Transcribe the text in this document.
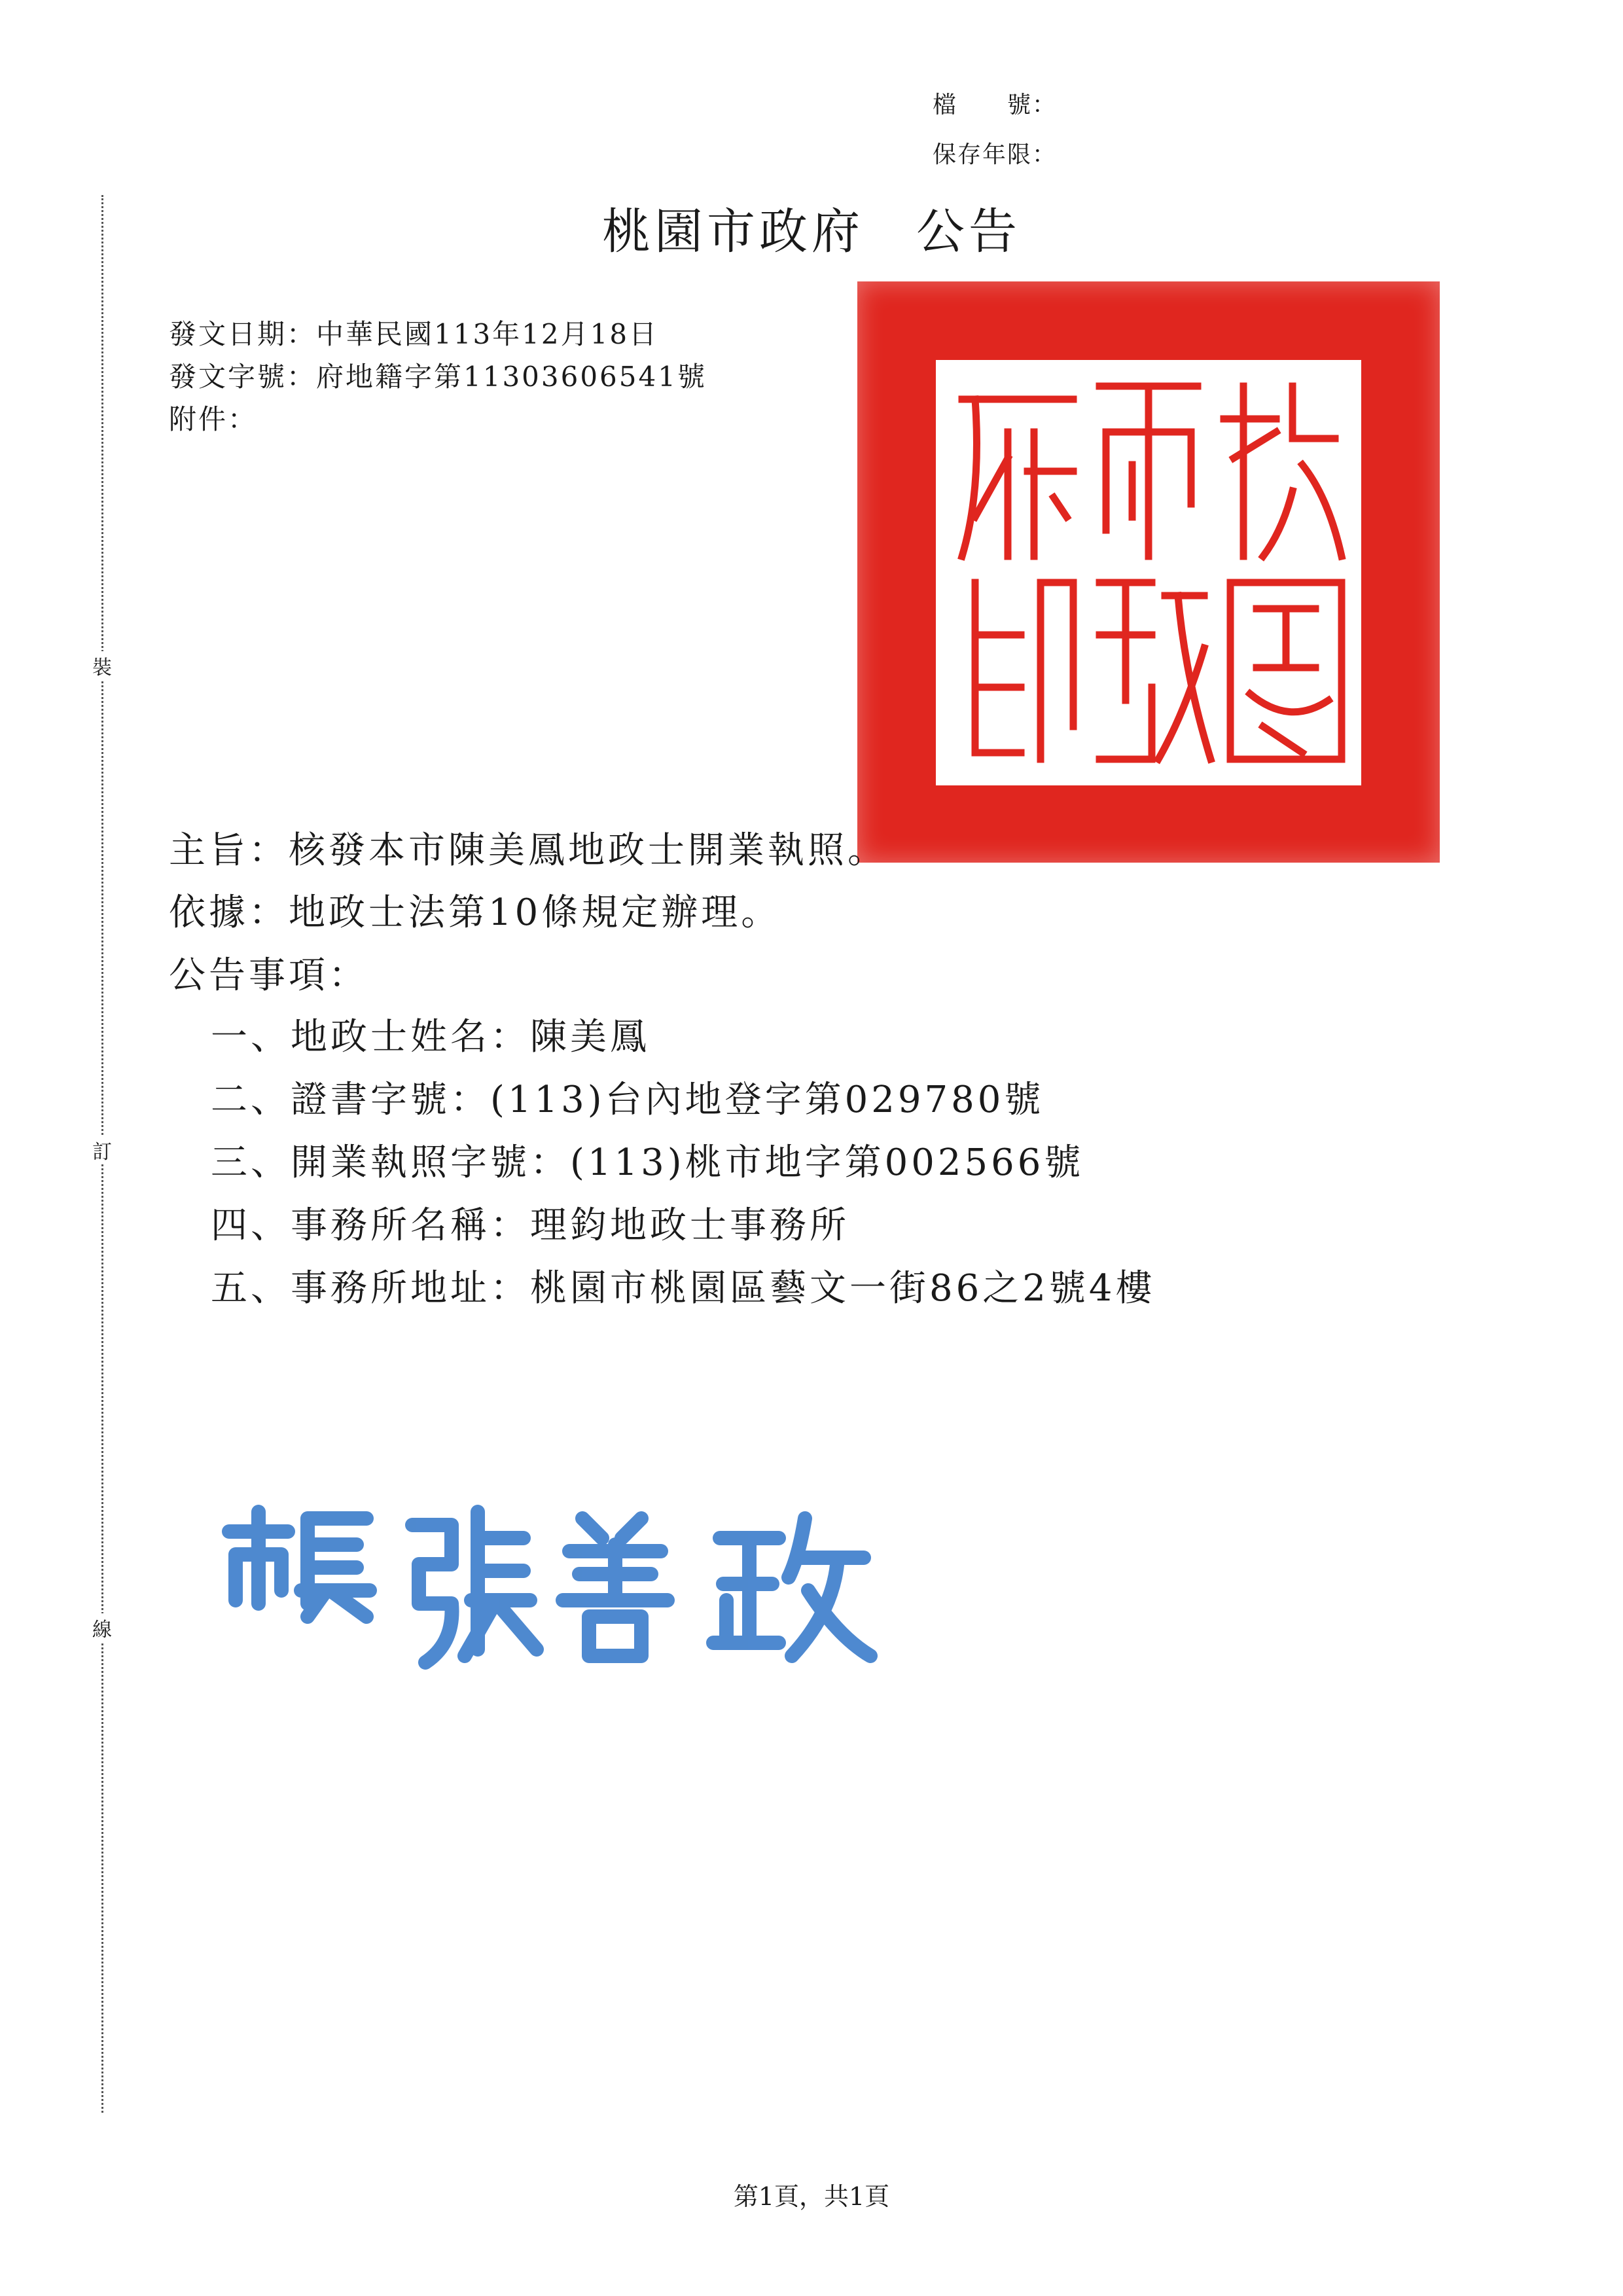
檔　　號：
保存年限：
裝
訂
線
桃園市政府　公告
發文日期：中華民國113年12月18日
發文字號：府地籍字第11303606541號
附件：
主旨：核發本市陳美鳳地政士開業執照。
依據：地政士法第10條規定辦理。
公告事項：
一、地政士姓名：陳美鳳
二、證書字號：(113)台內地登字第029780號
三、開業執照字號：(113)桃市地字第002566號
四、事務所名稱：理鈞地政士事務所
五、事務所地址：桃園市桃園區藝文一街86之2號4樓
第1頁，共1頁
